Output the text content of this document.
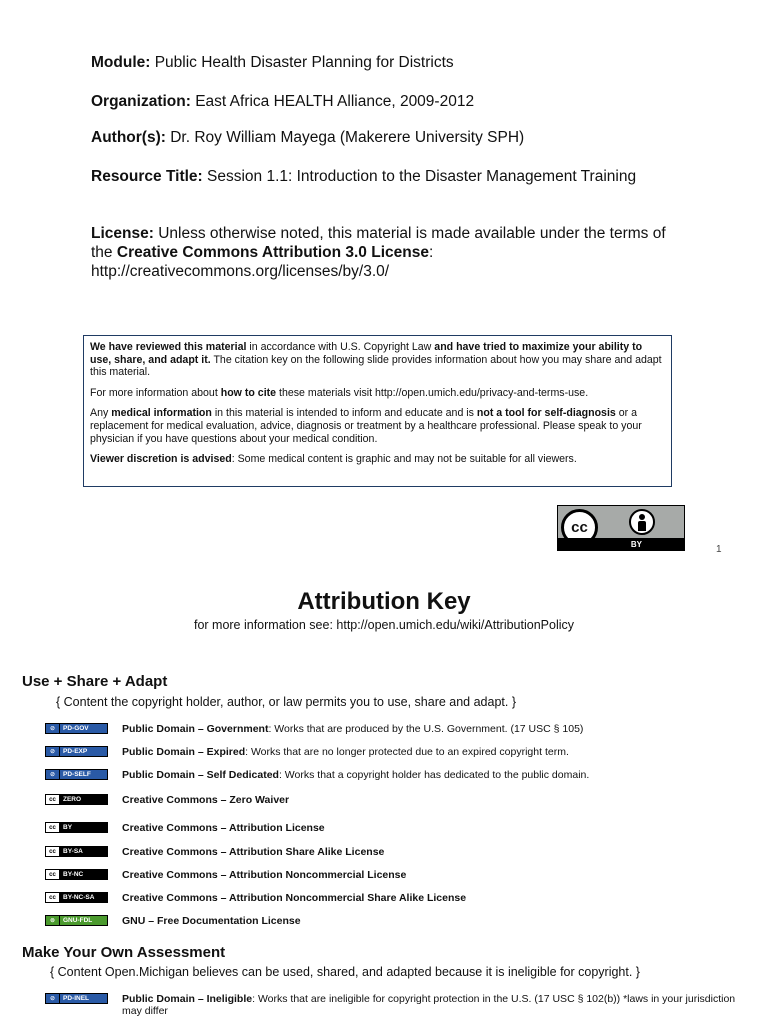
Module: Public Health Disaster Planning for Districts
Organization: East Africa HEALTH Alliance, 2009-2012
Author(s): Dr. Roy William Mayega (Makerere University SPH)
Resource Title: Session 1.1: Introduction to the Disaster Management Training
License: Unless otherwise noted, this material is made available under the terms of the Creative Commons Attribution 3.0 License:
http://creativecommons.org/licenses/by/3.0/

We have reviewed this material in accordance with U.S. Copyright Law and have tried to maximize your ability to use, share, and adapt it. The citation key on the following slide provides information about how you may share and adapt this material.

For more information about how to cite these materials visit http://open.umich.edu/privacy-and-terms-use.

Any medical information in this material is intended to inform and educate and is not a tool for self-diagnosis or a replacement for medical evaluation, advice, diagnosis or treatment by a healthcare professional. Please speak to your physician if you have questions about your medical condition.

Viewer discretion is advised: Some medical content is graphic and may not be suitable for all viewers.

cc
BY	1
Attribution Key
for more information see: http://open.umich.edu/wiki/AttributionPolicy
Use + Share + Adapt
{ Content the copyright holder, author, or law permits you to use, share and adapt. }
⊘	PD-GOV	Public Domain – Government: Works that are produced by the U.S. Government. (17 USC § 105)
⊘	PD-EXP	Public Domain – Expired: Works that are no longer protected due to an expired copyright term.
⊘	PD-SELF	Public Domain – Self Dedicated: Works that a copyright holder has dedicated to the public domain.
cc	ZERO	Creative Commons – Zero Waiver
cc	BY	Creative Commons – Attribution License
cc	BY-SA	Creative Commons – Attribution Share Alike License
cc	BY-NC	Creative Commons – Attribution Noncommercial License
cc	BY-NC-SA	Creative Commons – Attribution Noncommercial Share Alike License
⊚	GNU-FDL	GNU – Free Documentation License
Make Your Own Assessment
{ Content Open.Michigan believes can be used, shared, and adapted because it is ineligible for copyright. }
⊘	PD-INEL	Public Domain – Ineligible: Works that are ineligible for copyright protection in the U.S. (17 USC § 102(b)) *laws in your jurisdiction may differ
